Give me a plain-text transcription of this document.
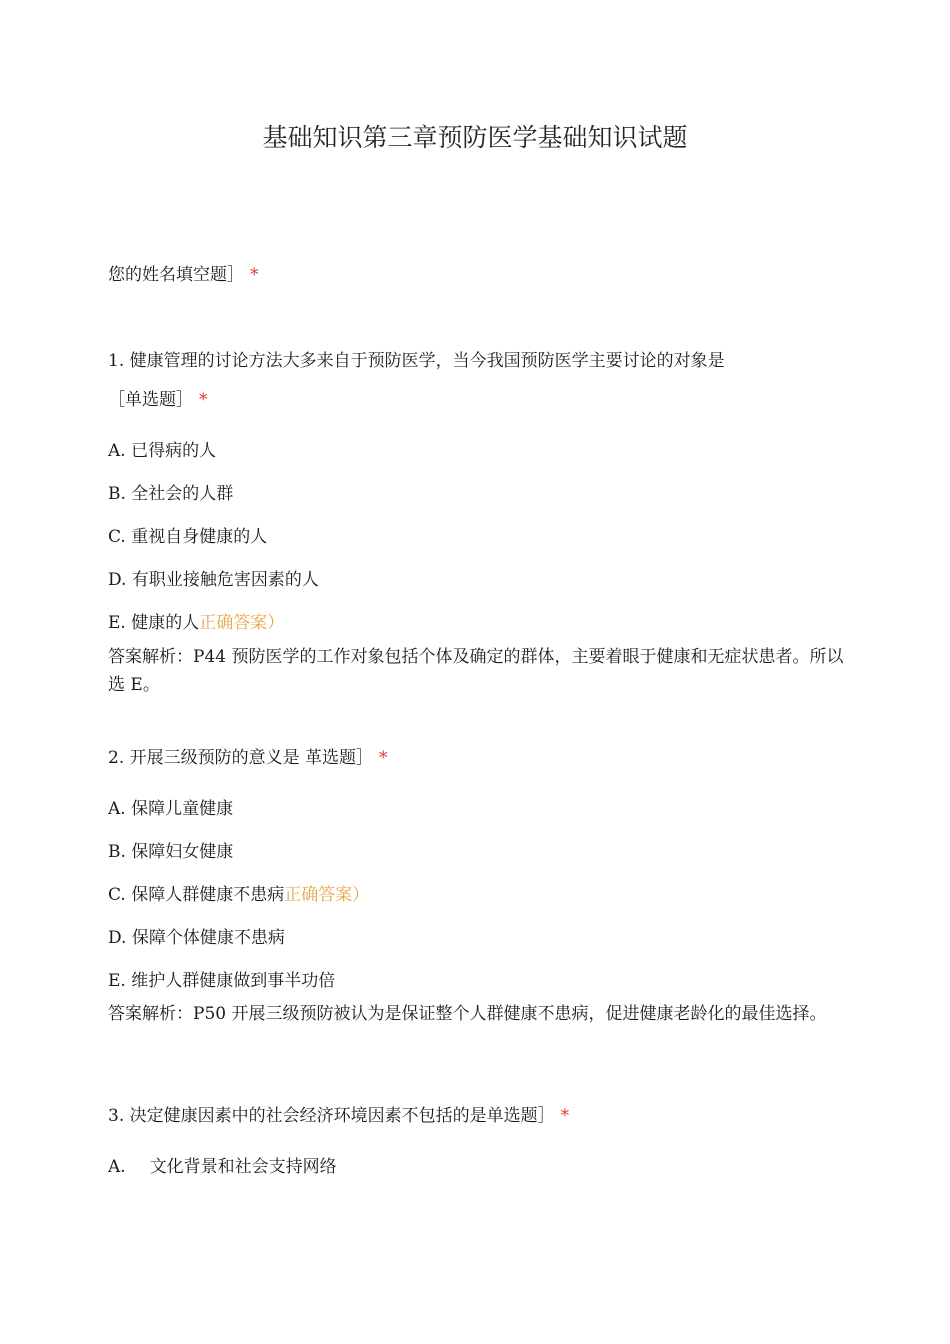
基础知识第三章预防医学基础知识试题
您的姓名填空题］ *
1. 健康管理的讨论方法大多来自于预防医学，当今我国预防医学主要讨论的对象是
［单选题］ *
A. 已得病的人
B. 全社会的人群
C. 重视自身健康的人
D. 有职业接触危害因素的人
E. 健康的人正确答案）
答案解析：P44 预防医学的工作对象包括个体及确定的群体，主要着眼于健康和无症状患者。所以选 E。
2. 开展三级预防的意义是 革选题］ *
A. 保障儿童健康
B. 保障妇女健康
C. 保障人群健康不患病正确答案）
D. 保障个体健康不患病
E. 维护人群健康做到事半功倍
答案解析：P50 开展三级预防被认为是保证整个人群健康不患病，促进健康老龄化的最佳选择。
3. 决定健康因素中的社会经济环境因素不包括的是单选题］ *
A. 文化背景和社会支持网络
